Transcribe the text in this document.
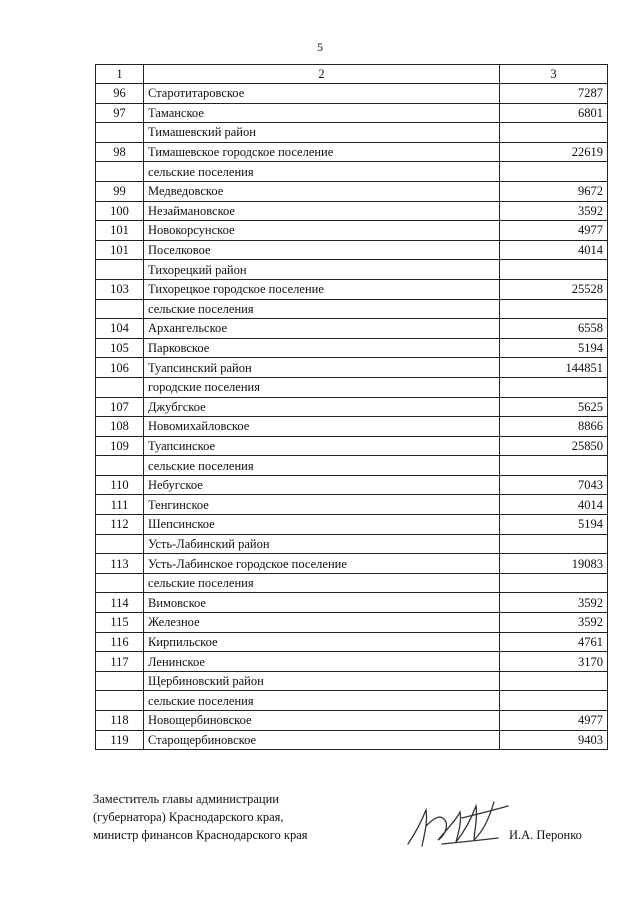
5
1	2	3
96	Старотитаровское	7287
97	Таманское	6801
	Тимашевский район	
98	Тимашевское городское поселение	22619
	сельские поселения	
99	Медведовское	9672
100	Незаймановское	3592
101	Новокорсунское	4977
101	Поселковое	4014
	Тихорецкий район	
103	Тихорецкое городское поселение	25528
	сельские поселения	
104	Архангельское	6558
105	Парковское	5194
106	Туапсинский район	144851
	городские поселения	
107	Джубгское	5625
108	Новомихайловское	8866
109	Туапсинское	25850
	сельские поселения	
110	Небугское	7043
111	Тенгинское	4014
112	Шепсинское	5194
	Усть-Лабинский район	
113	Усть-Лабинское городское поселение	19083
	сельские поселения	
114	Вимовское	3592
115	Железное	3592
116	Кирпильское	4761
117	Ленинское	3170
	Щербиновский район	
	сельские поселения	
118	Новощербиновское	4977
119	Старощербиновское	9403
Заместитель главы администрации
(губернатора) Краснодарского края,
министр финансов Краснодарского края	И.А. Перонко
